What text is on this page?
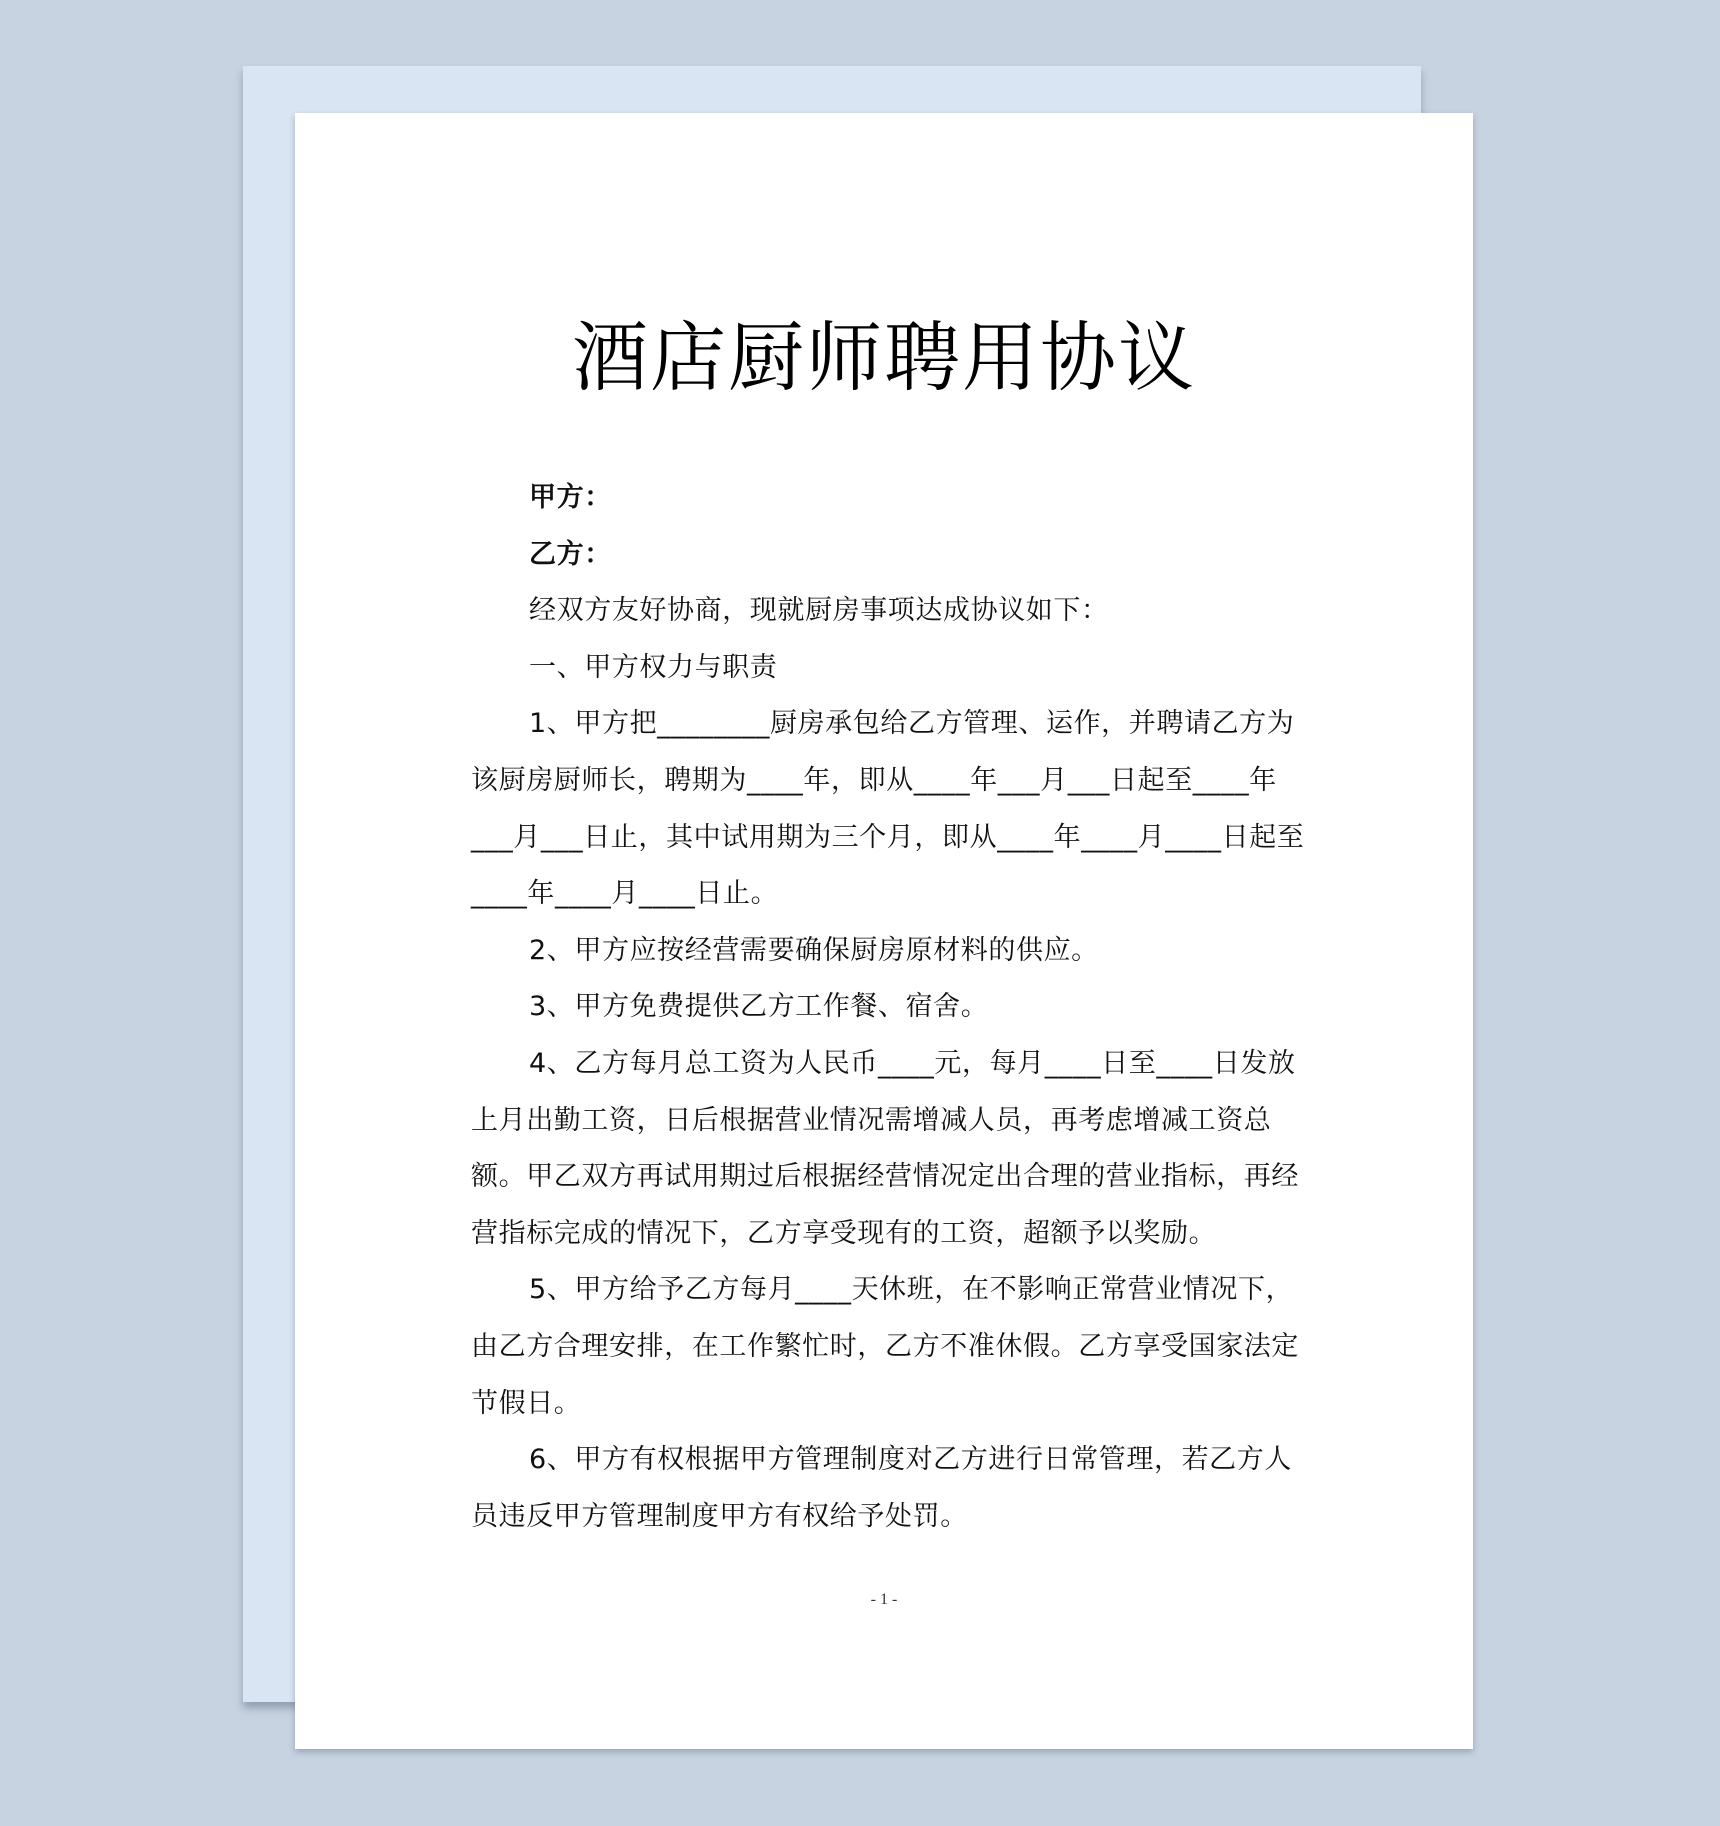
酒店厨师聘用协议

甲方：

乙方：

经双方友好协商，现就厨房事项达成协议如下：

一、甲方权力与职责

1、甲方把________厨房承包给乙方管理、运作，并聘请乙方为该厨房厨师长，聘期为____年，即从____年___月___日起至____年___月___日止，其中试用期为三个月，即从____年____月____日起至____年____月____日止。

2、甲方应按经营需要确保厨房原材料的供应。

3、甲方免费提供乙方工作餐、宿舍。

4、乙方每月总工资为人民币____元，每月____日至____日发放上月出勤工资，日后根据营业情况需增减人员，再考虑增减工资总额。甲乙双方再试用期过后根据经营情况定出合理的营业指标，再经营指标完成的情况下，乙方享受现有的工资，超额予以奖励。

5、甲方给予乙方每月____天休班，在不影响正常营业情况下，由乙方合理安排，在工作繁忙时，乙方不准休假。乙方享受国家法定节假日。

6、甲方有权根据甲方管理制度对乙方进行日常管理，若乙方人员违反甲方管理制度甲方有权给予处罚。

- 1 -
